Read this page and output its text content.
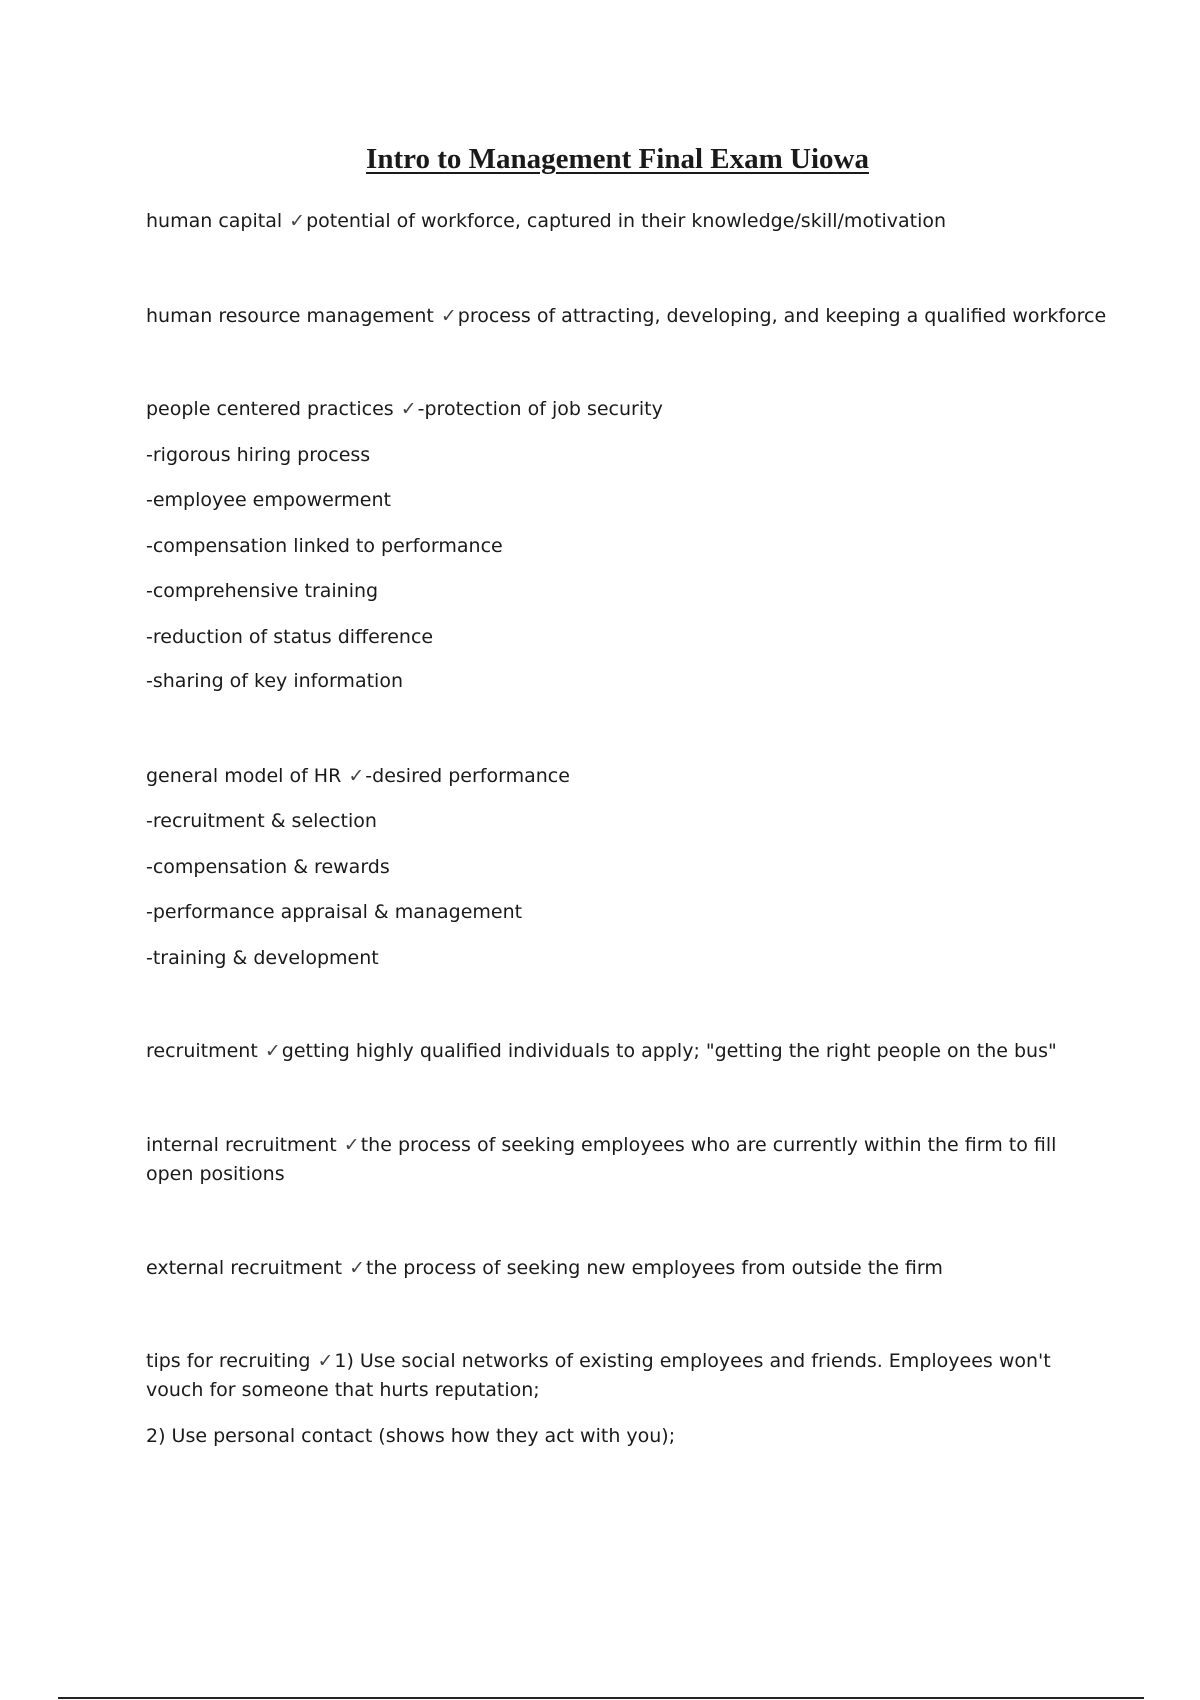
Intro to Management Final Exam Uiowa

human capital ✓potential of workforce, captured in their knowledge/skill/motivation

human resource management ✓process of attracting, developing, and keeping a qualified workforce

people centered practices ✓-protection of job security

-rigorous hiring process

-employee empowerment

-compensation linked to performance

-comprehensive training

-reduction of status difference

-sharing of key information

general model of HR ✓-desired performance

-recruitment & selection

-compensation & rewards

-performance appraisal & management

-training & development

recruitment ✓getting highly qualified individuals to apply; "getting the right people on the bus"

internal recruitment ✓the process of seeking employees who are currently within the firm to fill open positions

external recruitment ✓the process of seeking new employees from outside the firm

tips for recruiting ✓1) Use social networks of existing employees and friends. Employees won't vouch for someone that hurts reputation;

2) Use personal contact (shows how they act with you);
